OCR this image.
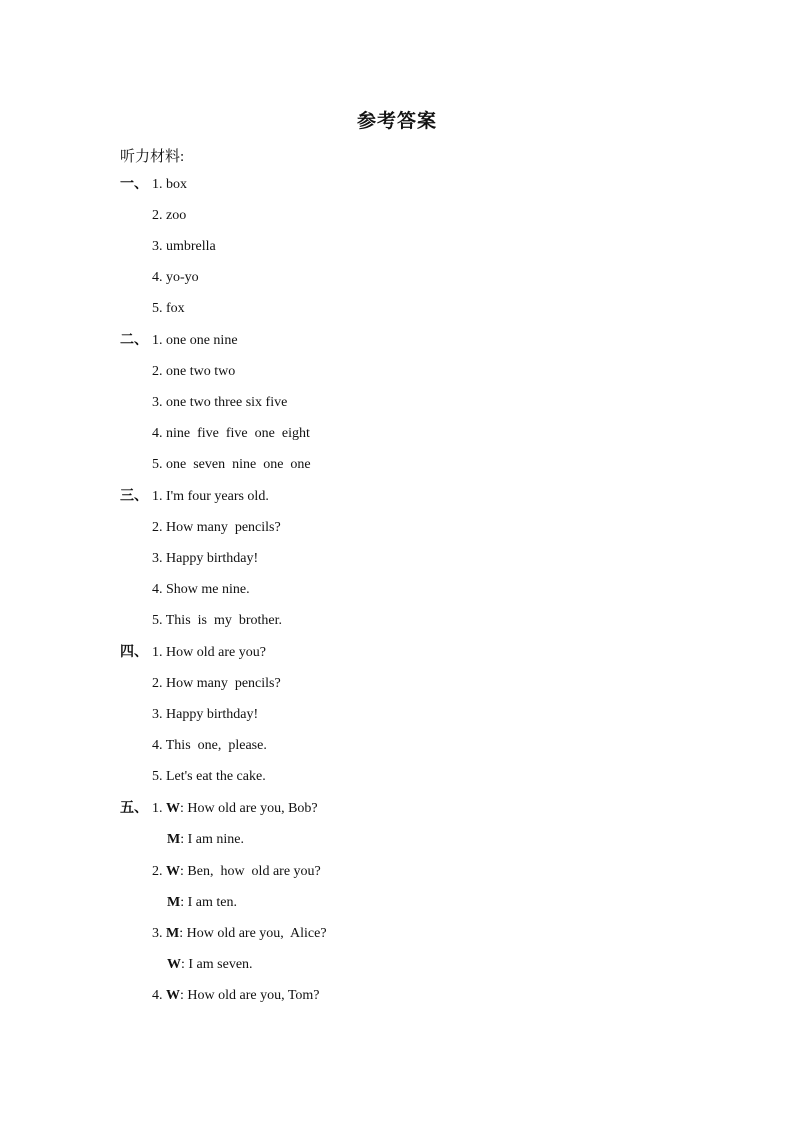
参考答案
听力材料:
一、 1. box
2. zoo
3. umbrella
4. yo-yo
5. fox
二、 1. one one nine
2. one two two
3. one two three six five
4. nine  five  five  one  eight
5. one  seven  nine  one  one
三、 1. I'm four years old.
2. How many  pencils?
3. Happy birthday!
4. Show me nine.
5. This  is  my  brother.
四、 1. How old are you?
2. How many  pencils?
3. Happy birthday!
4. This  one,  please.
5. Let's eat the cake.
五、 1. W: How old are you, Bob?
M: I am nine.
2. W: Ben,  how  old are you?
M: I am ten.
3. M: How old are you,  Alice?
W: I am seven.
4. W: How old are you, Tom?
